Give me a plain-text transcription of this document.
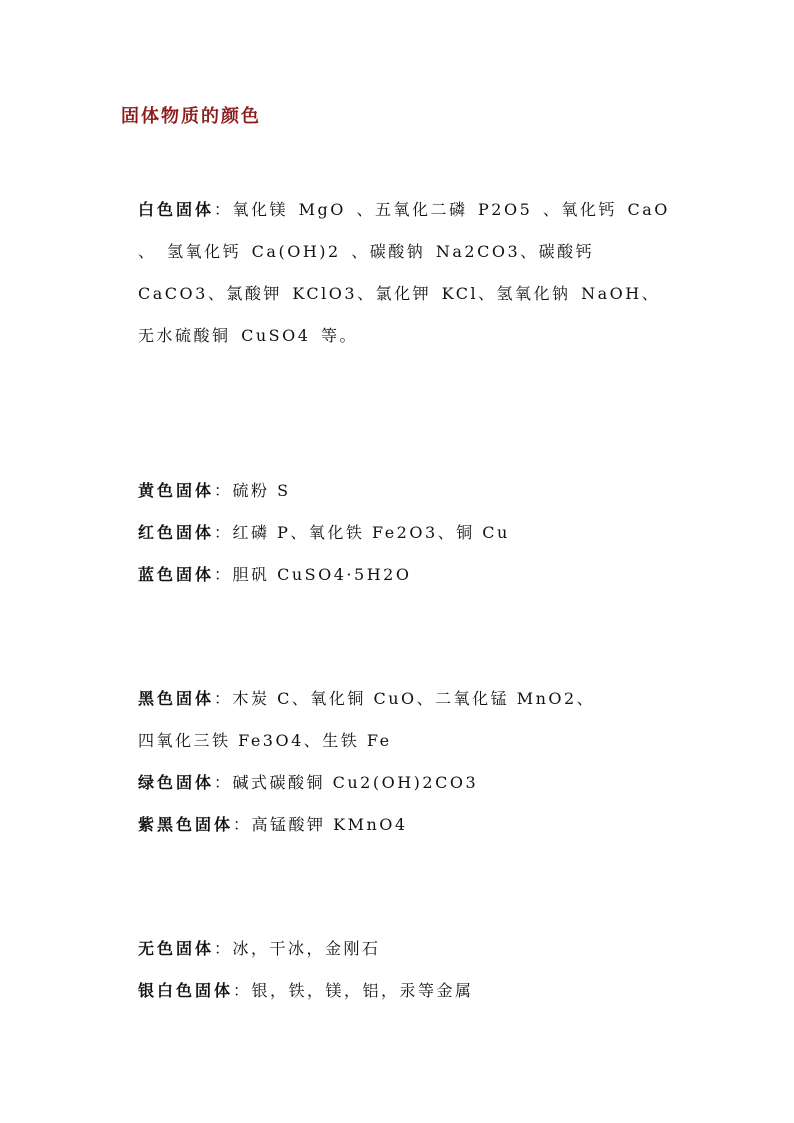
固体物质的颜色
白色固体：氧化镁 MgO 、五氧化二磷 P2O5 、氧化钙 CaO 、 氢氧化钙 Ca(OH)2 、碳酸钠 Na2CO3、碳酸钙 CaCO3、氯酸钾 KClO3、氯化钾 KCl、氢氧化钠 NaOH、无水硫酸铜 CuSO4 等。
黄色固体：硫粉 S
红色固体：红磷 P、氧化铁 Fe2O3、铜 Cu
蓝色固体：胆矾 CuSO4·5H2O
黑色固体：木炭 C、氧化铜 CuO、二氧化锰 MnO2、
四氧化三铁 Fe3O4、生铁 Fe
绿色固体：碱式碳酸铜 Cu2(OH)2CO3
紫黑色固体：高锰酸钾 KMnO4
无色固体：冰，干冰，金刚石
银白色固体：银，铁，镁，铝，汞等金属
